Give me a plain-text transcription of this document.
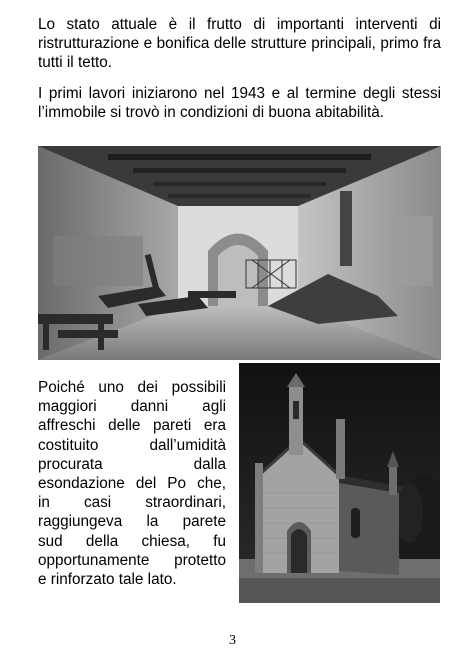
Lo stato attuale è il frutto di importanti interventi di ristrutturazione e bonifica delle strutture principali, primo fra tutti il tetto.

I primi lavori iniziarono nel 1943 e al termine degli stessi l’immobile si trovò in condizioni di buona abitabilità.

Poiché uno dei possibili
maggiori danni agli
affreschi delle pareti era
costituito dall’umidità
procurata dalla
esondazione del Po che,
in casi straordinari,
raggiungeva la parete
sud della chiesa, fu
opportunamente protetto
e rinforzato tale lato.

3
